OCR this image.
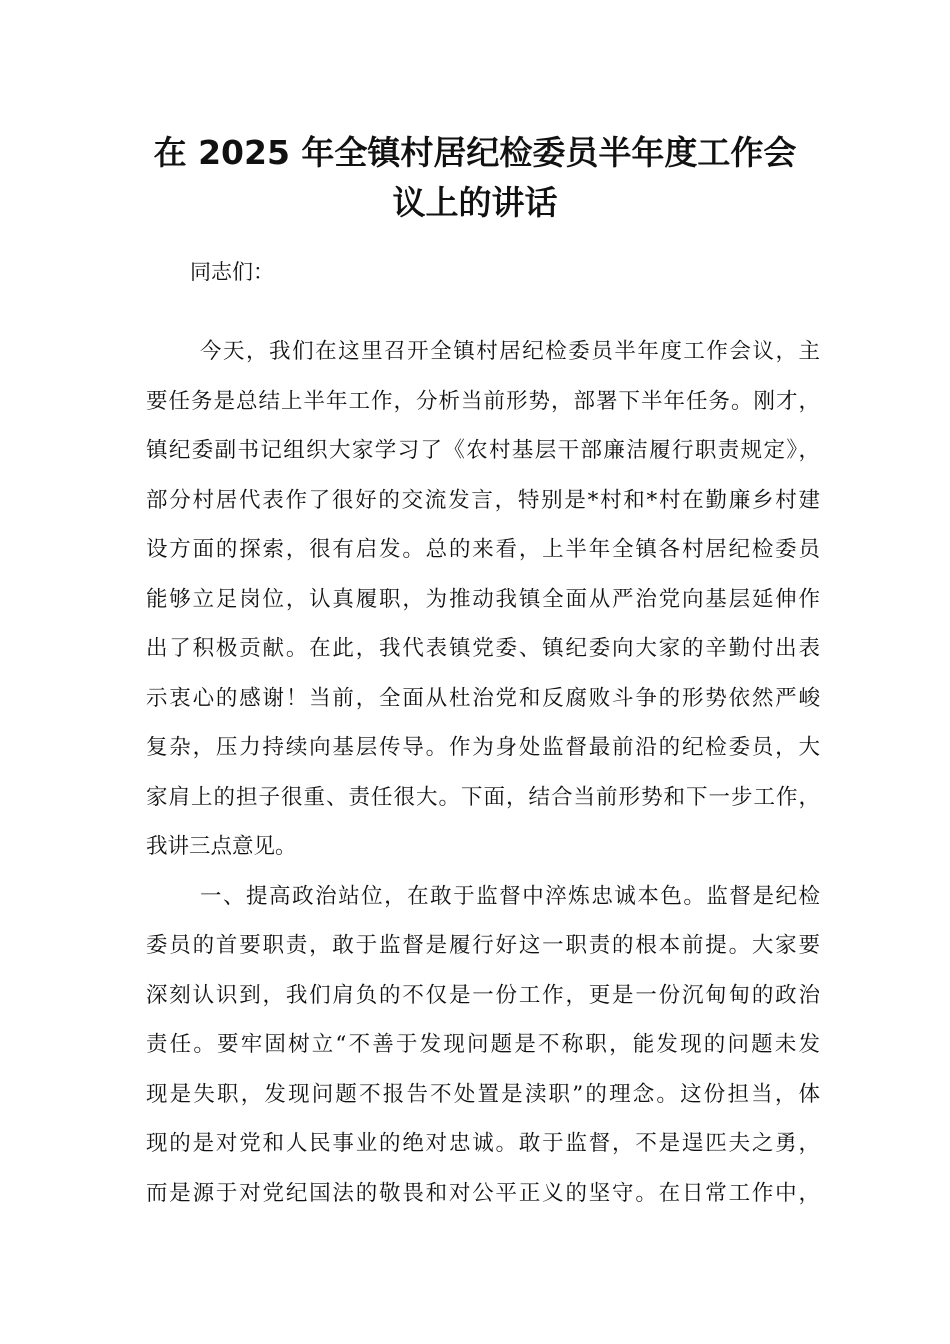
在 2025 年全镇村居纪检委员半年度工作会
议上的讲话
同志们：
今天，我们在这里召开全镇村居纪检委员半年度工作会议，主
要任务是总结上半年工作，分析当前形势，部署下半年任务。刚才，
镇纪委副书记组织大家学习了《农村基层干部廉洁履行职责规定》，
部分村居代表作了很好的交流发言，特别是*村和*村在勤廉乡村建
设方面的探索，很有启发。总的来看，上半年全镇各村居纪检委员
能够立足岗位，认真履职，为推动我镇全面从严治党向基层延伸作
出了积极贡献。在此，我代表镇党委、镇纪委向大家的辛勤付出表
示衷心的感谢！当前，全面从杜治党和反腐败斗争的形势依然严峻
复杂，压力持续向基层传导。作为身处监督最前沿的纪检委员，大
家肩上的担子很重、责任很大。下面，结合当前形势和下一步工作，
我讲三点意见。
一、提高政治站位，在敢于监督中淬炼忠诚本色。监督是纪检
委员的首要职责，敢于监督是履行好这一职责的根本前提。大家要
深刻认识到，我们肩负的不仅是一份工作，更是一份沉甸甸的政治
责任。要牢固树立“不善于发现问题是不称职，能发现的问题未发
现是失职，发现问题不报告不处置是渎职”的理念。这份担当，体
现的是对党和人民事业的绝对忠诚。敢于监督，不是逞匹夫之勇，
而是源于对党纪国法的敬畏和对公平正义的坚守。在日常工作中，
